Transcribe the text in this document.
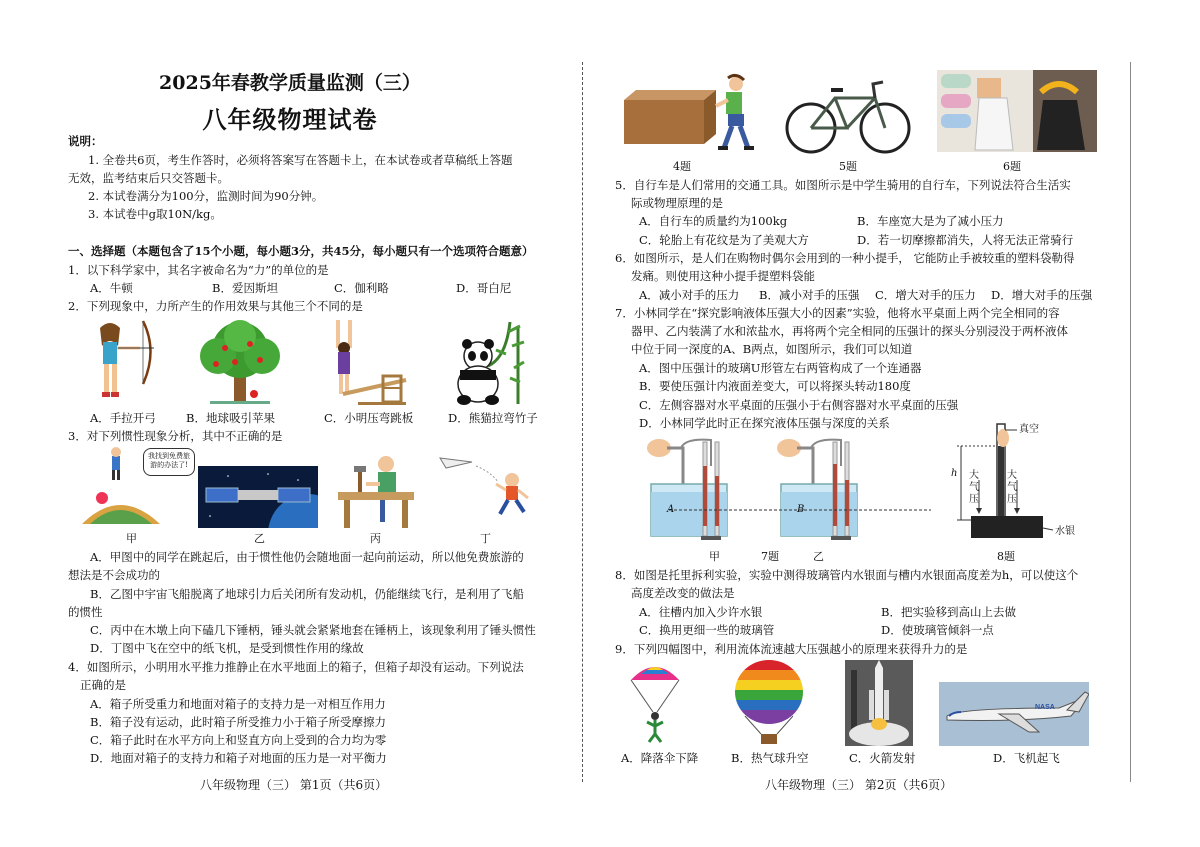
2025年春教学质量监测（三）
八年级物理试卷
说明：
1. 全卷共6页，考生作答时，必须将答案写在答题卡上，在本试卷或者草稿纸上答题
无效，监考结束后只交答题卡。
2. 本试卷满分为100分，监测时间为90分钟。
3. 本试卷中g取10N/kg。
一、选择题（本题包含了15个小题，每小题3分，共45分，每小题只有一个选项符合题意）
1．以下科学家中，其名字被命名为“力”的单位的是
A．牛顿	B．爱因斯坦	C．伽利略	D．哥白尼
2．下列现象中，力所产生的作用效果与其他三个不同的是
A．手拉开弓	B．地球吸引苹果	C．小明压弯跳板	D．熊猫拉弯竹子
3．对下列惯性现象分析，其中不正确的是
我找到免费旅游的办法了!
甲	乙	丙	丁
A．甲图中的同学在跳起后，由于惯性他仍会随地面一起向前运动，所以他免费旅游的
想法是不会成功的
B．乙图中宇宙飞船脱离了地球引力后关闭所有发动机，仍能继续飞行，是利用了飞船
的惯性
C．丙中在木墩上向下磕几下锤柄，锤头就会紧紧地套在锤柄上，该现象利用了锤头惯性
D．丁图中飞在空中的纸飞机，是受到惯性作用的缘故
4．如图所示，小明用水平推力推静止在水平地面上的箱子，但箱子却没有运动。下列说法
正确的是
A．箱子所受重力和地面对箱子的支持力是一对相互作用力
B．箱子没有运动，此时箱子所受推力小于箱子所受摩擦力
C．箱子此时在水平方向上和竖直方向上受到的合力均为零
D．地面对箱子的支持力和箱子对地面的压力是一对平衡力
八年级物理（三） 第1页（共6页）
4题	5题	6题
5．自行车是人们常用的交通工具。如图所示是中学生骑用的自行车，下列说法符合生活实
际或物理原理的是
A．自行车的质量约为100kg	B．车座宽大是为了减小压力
C．轮胎上有花纹是为了美观大方	D．若一切摩擦都消失，人将无法正常骑行
6．如图所示，是人们在购物时偶尔会用到的一种小提手， 它能防止手被较重的塑料袋勒得
发痛。则使用这种小提手提塑料袋能
A．减小对手的压力 B．减小对手的压强 C．增大对手的压力 D．增大对手的压强
7．小林同学在“探究影响液体压强大小的因素”实验，他将水平桌面上两个完全相同的容
器甲、乙内装满了水和浓盐水，再将两个完全相同的压强计的探头分别浸没于两杯液体
中位于同一深度的A、B两点，如图所示，我们可以知道
A．图中压强计的玻璃U形管左右两管构成了一个连通器
B．要使压强计内液面差变大，可以将探头转动180度
C．左侧容器对水平桌面的压强小于右侧容器对水平桌面的压强
D．小林同学此时正在探究液体压强与深度的关系
A	B
甲	7题	乙
真空
h 大气压
大气压
水银
8题
8．如图是托里拆利实验，实验中测得玻璃管内水银面与槽内水银面高度差为h，可以使这个
高度差改变的做法是
A．往槽内加入少许水银	B．把实验移到高山上去做
C．换用更细一些的玻璃管	D．使玻璃管倾斜一点
9．下列四幅图中，利用流体流速越大压强越小的原理来获得升力的是
NASA
A．降落伞下降	B．热气球升空	C．火箭发射	D．飞机起飞
八年级物理（三） 第2页（共6页）
